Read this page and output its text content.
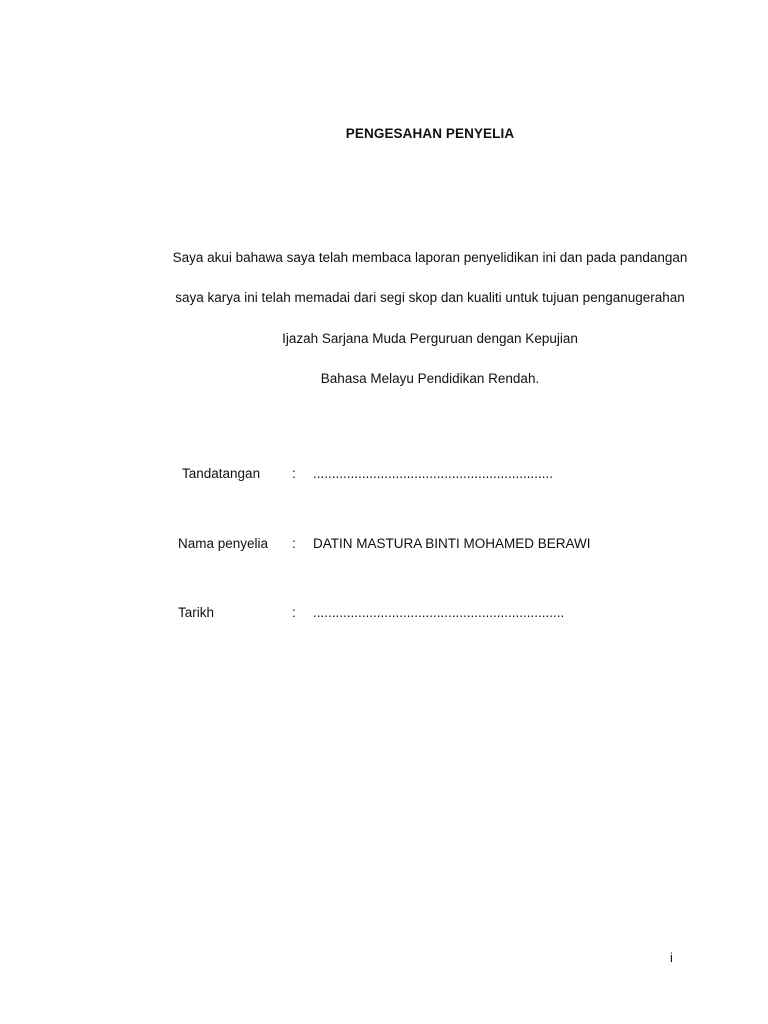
PENGESAHAN PENYELIA
Saya akui bahawa saya telah membaca laporan penyelidikan ini dan pada pandangan
saya karya ini telah memadai dari segi skop dan kualiti untuk tujuan penganugerahan
Ijazah Sarjana Muda Perguruan dengan Kepujian
Bahasa Melayu Pendidikan Rendah.
Tandatangan : ................................................................
Nama penyelia : DATIN MASTURA BINTI MOHAMED BERAWI
Tarikh	: ...................................................................
i
